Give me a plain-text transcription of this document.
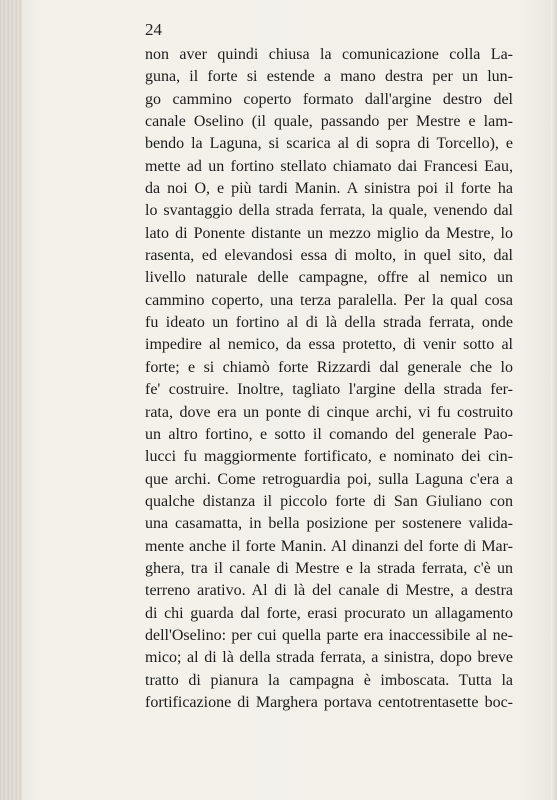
24
non aver quindi chiusa la comunicazione colla La-
guna, il forte si estende a mano destra per un lun-
go cammino coperto formato dall'argine destro del
canale Oselino (il quale, passando per Mestre e lam-
bendo la Laguna, si scarica al di sopra di Torcello), e
mette ad un fortino stellato chiamato dai Francesi Eau,
da noi O, e più tardi Manin. A sinistra poi il forte ha
lo svantaggio della strada ferrata, la quale, venendo dal
lato di Ponente distante un mezzo miglio da Mestre, lo
rasenta, ed elevandosi essa di molto, in quel sito, dal
livello naturale delle campagne, offre al nemico un
cammino coperto, una terza paralella. Per la qual cosa
fu ideato un fortino al di là della strada ferrata, onde
impedire al nemico, da essa protetto, di venir sotto al
forte; e si chiamò forte Rizzardi dal generale che lo
fe' costruire. Inoltre, tagliato l'argine della strada fer-
rata, dove era un ponte di cinque archi, vi fu costruito
un altro fortino, e sotto il comando del generale Pao-
lucci fu maggiormente fortificato, e nominato dei cin-
que archi. Come retroguardia poi, sulla Laguna c'era a
qualche distanza il piccolo forte di San Giuliano con
una casamatta, in bella posizione per sostenere valida-
mente anche il forte Manin. Al dinanzi del forte di Mar-
ghera, tra il canale di Mestre e la strada ferrata, c'è un
terreno arativo. Al di là del canale di Mestre, a destra
di chi guarda dal forte, erasi procurato un allagamento
dell'Oselino: per cui quella parte era inaccessibile al ne-
mico; al di là della strada ferrata, a sinistra, dopo breve
tratto di pianura la campagna è imboscata. Tutta la
fortificazione di Marghera portava centotrentasette boc-
